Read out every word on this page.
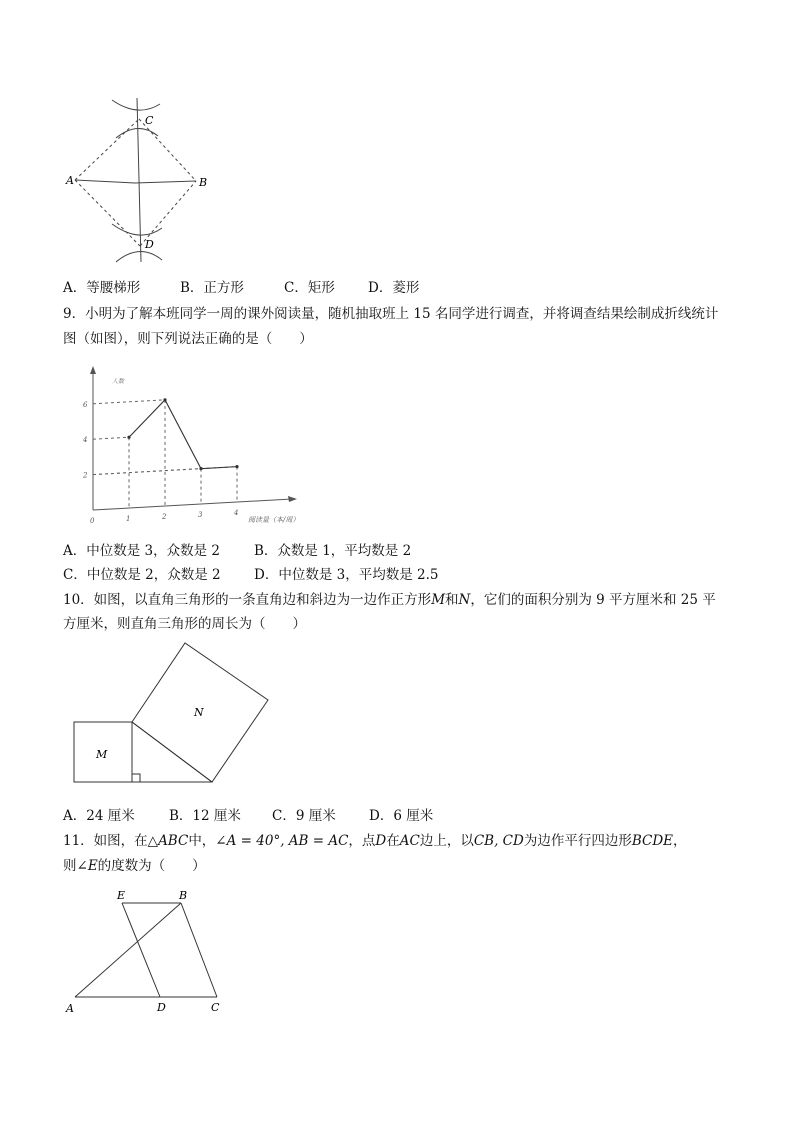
A	B
C
D
A．等腰梯形	B．正方形	C．矩形 D．菱形
9．小明为了解本班同学一周的课外阅读量，随机抽取班上 15 名同学进行调查，并将调查结果绘制成折线统计
图（如图），则下列说法正确的是（　　）
0	1	2	3	4
2
4
6
人数
阅读量（本/周）
A．中位数是 3，众数是 2	B．众数是 1，平均数是 2
C．中位数是 2，众数是 2 D．中位数是 3，平均数是 2.5
10．如图，以直角三角形的一条直角边和斜边为一边作正方形M和N，它们的面积分别为 9 平方厘米和 25 平
方厘米，则直角三角形的周长为（　　）
M
N
A．24 厘米	B．12 厘米 C．9 厘米 D．6 厘米
11．如图，在△ABC中，∠A = 40°, AB = AC，点D在AC边上，以CB, CD为边作平行四边形BCDE，
则∠E的度数为（　　）
E	B
A	D	C
